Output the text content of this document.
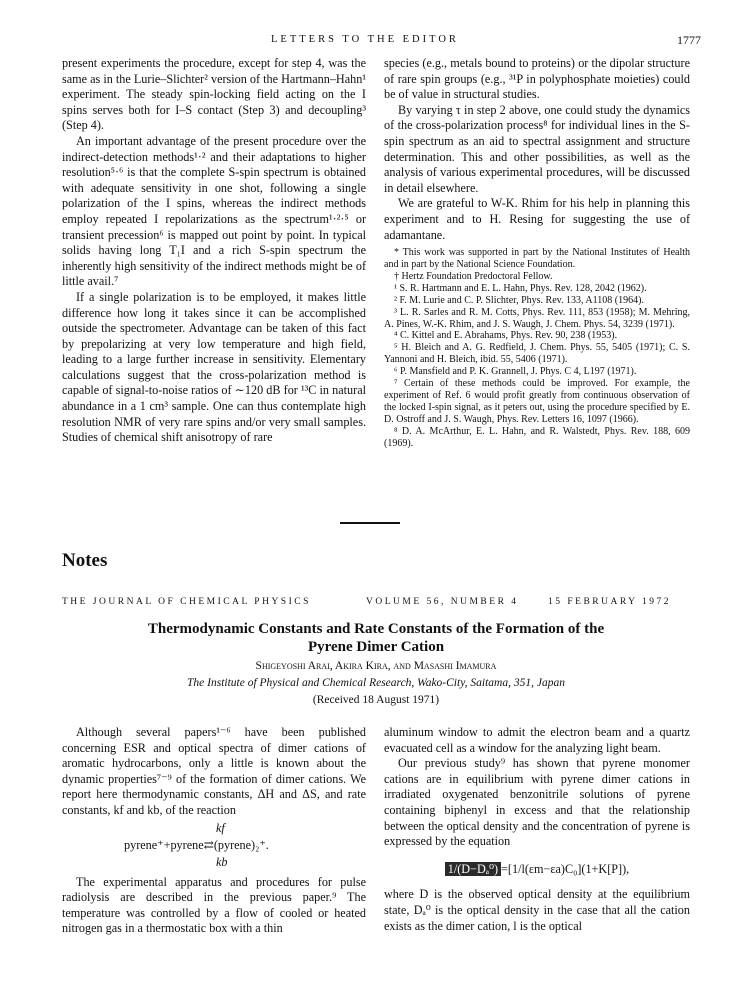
LETTERS TO THE EDITOR	1777

present experiments the procedure, except for step 4, was the same as in the Lurie–Slichter² version of the Hartmann–Hahn¹ experiment. The steady spin-locking field acting on the I spins serves both for I–S contact (Step 3) and decoupling³ (Step 4).

An important advantage of the present procedure over the indirect-detection methods¹·² and their adaptations to higher resolution⁵·⁶ is that the complete S-spin spectrum is obtained with adequate sensitivity in one shot, following a single polarization of the I spins, whereas the indirect methods employ repeated I repolarizations as the spectrum¹·²·⁵ or transient precession⁶ is mapped out point by point. In typical solids having long T₁I and a rich S-spin spectrum the inherently high sensitivity of the indirect methods might be of little avail.⁷

If a single polarization is to be employed, it makes little difference how long it takes since it can be accomplished outside the spectrometer. Advantage can be taken of this fact by prepolarizing at very low temperature and high field, leading to a large further increase in sensitivity. Elementary calculations suggest that the cross-polarization method is capable of signal-to-noise ratios of ∼120 dB for ¹³C in natural abundance in a 1 cm³ sample. One can thus contemplate high resolution NMR of very rare spins and/or very small samples. Studies of chemical shift anisotropy of rare

species (e.g., metals bound to proteins) or the dipolar structure of rare spin groups (e.g., ³¹P in polyphosphate moieties) could be of value in structural studies.

By varying τ in step 2 above, one could study the dynamics of the cross-polarization process⁸ for individual lines in the S-spin spectrum as an aid to spectral assignment and structure determination. This and other possibilities, as well as the analysis of various experimental procedures, will be discussed in detail elsewhere.

We are grateful to W-K. Rhim for his help in planning this experiment and to H. Resing for suggesting the use of adamantane.

* This work was supported in part by the National Institutes of Health and in part by the National Science Foundation.

† Hertz Foundation Predoctoral Fellow.

¹ S. R. Hartmann and E. L. Hahn, Phys. Rev. 128, 2042 (1962).

² F. M. Lurie and C. P. Slichter, Phys. Rev. 133, A1108 (1964).

³ L. R. Sarles and R. M. Cotts, Phys. Rev. 111, 853 (1958); M. Mehring, A. Pines, W.-K. Rhim, and J. S. Waugh, J. Chem. Phys. 54, 3239 (1971).

⁴ C. Kittel and E. Abrahams, Phys. Rev. 90, 238 (1953).

⁵ H. Bleich and A. G. Redfield, J. Chem. Phys. 55, 5405 (1971); C. S. Yannoni and H. Bleich, ibid. 55, 5406 (1971).

⁶ P. Mansfield and P. K. Grannell, J. Phys. C 4, L197 (1971).

⁷ Certain of these methods could be improved. For example, the experiment of Ref. 6 would profit greatly from continuous observation of the locked I-spin signal, as it peters out, using the procedure specified by E. D. Ostroff and J. S. Waugh, Phys. Rev. Letters 16, 1097 (1966).

⁸ D. A. McArthur, E. L. Hahn, and R. Walstedt, Phys. Rev. 188, 609 (1969).

Notes
THE JOURNAL OF CHEMICAL PHYSICS	VOLUME 56, NUMBER 4	15 FEBRUARY 1972
Thermodynamic Constants and Rate Constants of the Formation of the
Pyrene Dimer Cation
Shigeyoshi Arai, Akira Kira, and Masashi Imamura
The Institute of Physical and Chemical Research, Wako-City, Saitama, 351, Japan
(Received 18 August 1971)

Although several papers¹⁻⁶ have been published concerning ESR and optical spectra of dimer cations of aromatic hydrocarbons, only a little is known about the dynamic properties⁷⁻⁹ of the formation of dimer cations. We report here thermodynamic constants, ΔH and ΔS, and rate constants, kf and kb, of the reaction

kf
pyrene⁺+pyrene⇄(pyrene)₂⁺.
kb

The experimental apparatus and procedures for pulse radiolysis are described in the previous paper.⁹ The temperature was controlled by a flow of cooled or heated nitrogen gas in a thermostatic box with a thin

aluminum window to admit the electron beam and a quartz evacuated cell as a window for the analyzing light beam.

Our previous study⁹ has shown that pyrene monomer cations are in equilibrium with pyrene dimer cations in irradiated oxygenated benzonitrile solutions of pyrene containing biphenyl in excess and that the relationship between the optical density and the concentration of pyrene is expressed by the equation

1/(D−Dₐ⁰) =[1/l(εm−εa)C₀](1+K[P]),

where D is the observed optical density at the equilibrium state, Dₐ⁰ is the optical density in the case that all the cation exists as the dimer cation, l is the optical
